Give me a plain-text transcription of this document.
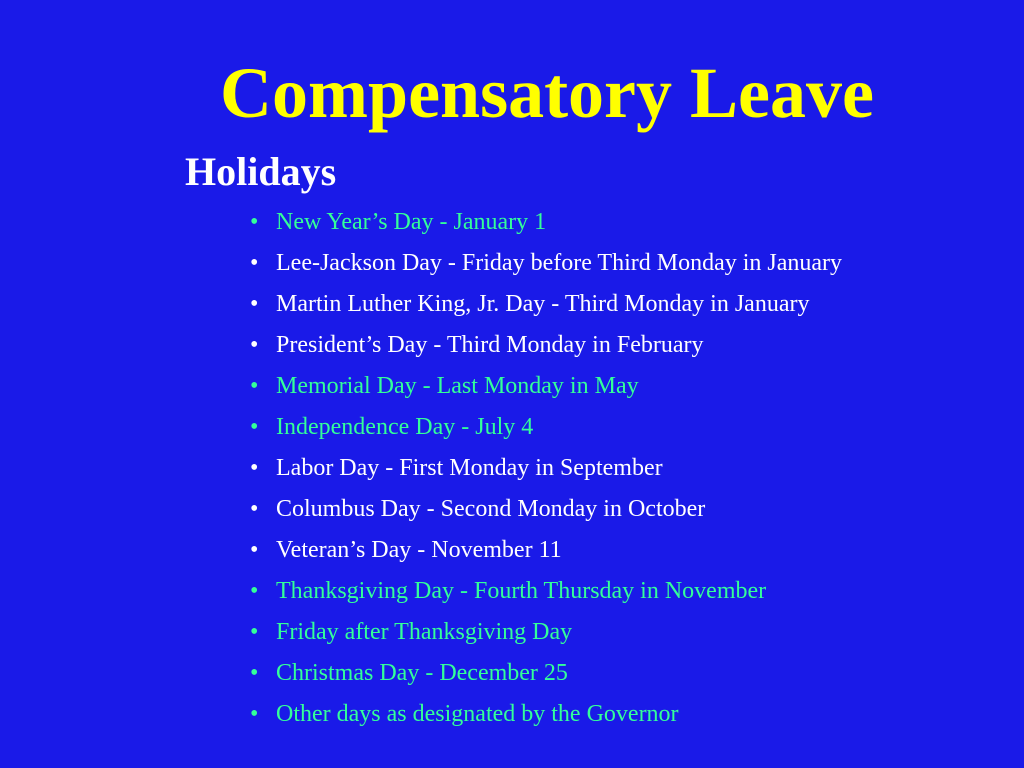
Compensatory Leave
Holidays
• New Year’s Day - January 1
• Lee-Jackson Day - Friday before Third Monday in January
• Martin Luther King, Jr. Day - Third Monday in January
• President’s Day - Third Monday in February
• Memorial Day - Last Monday in May
• Independence Day - July 4
• Labor Day - First Monday in September
• Columbus Day - Second Monday in October
• Veteran’s Day - November 11
• Thanksgiving Day - Fourth Thursday in November
• Friday after Thanksgiving Day
• Christmas Day - December 25
• Other days as designated by the Governor
